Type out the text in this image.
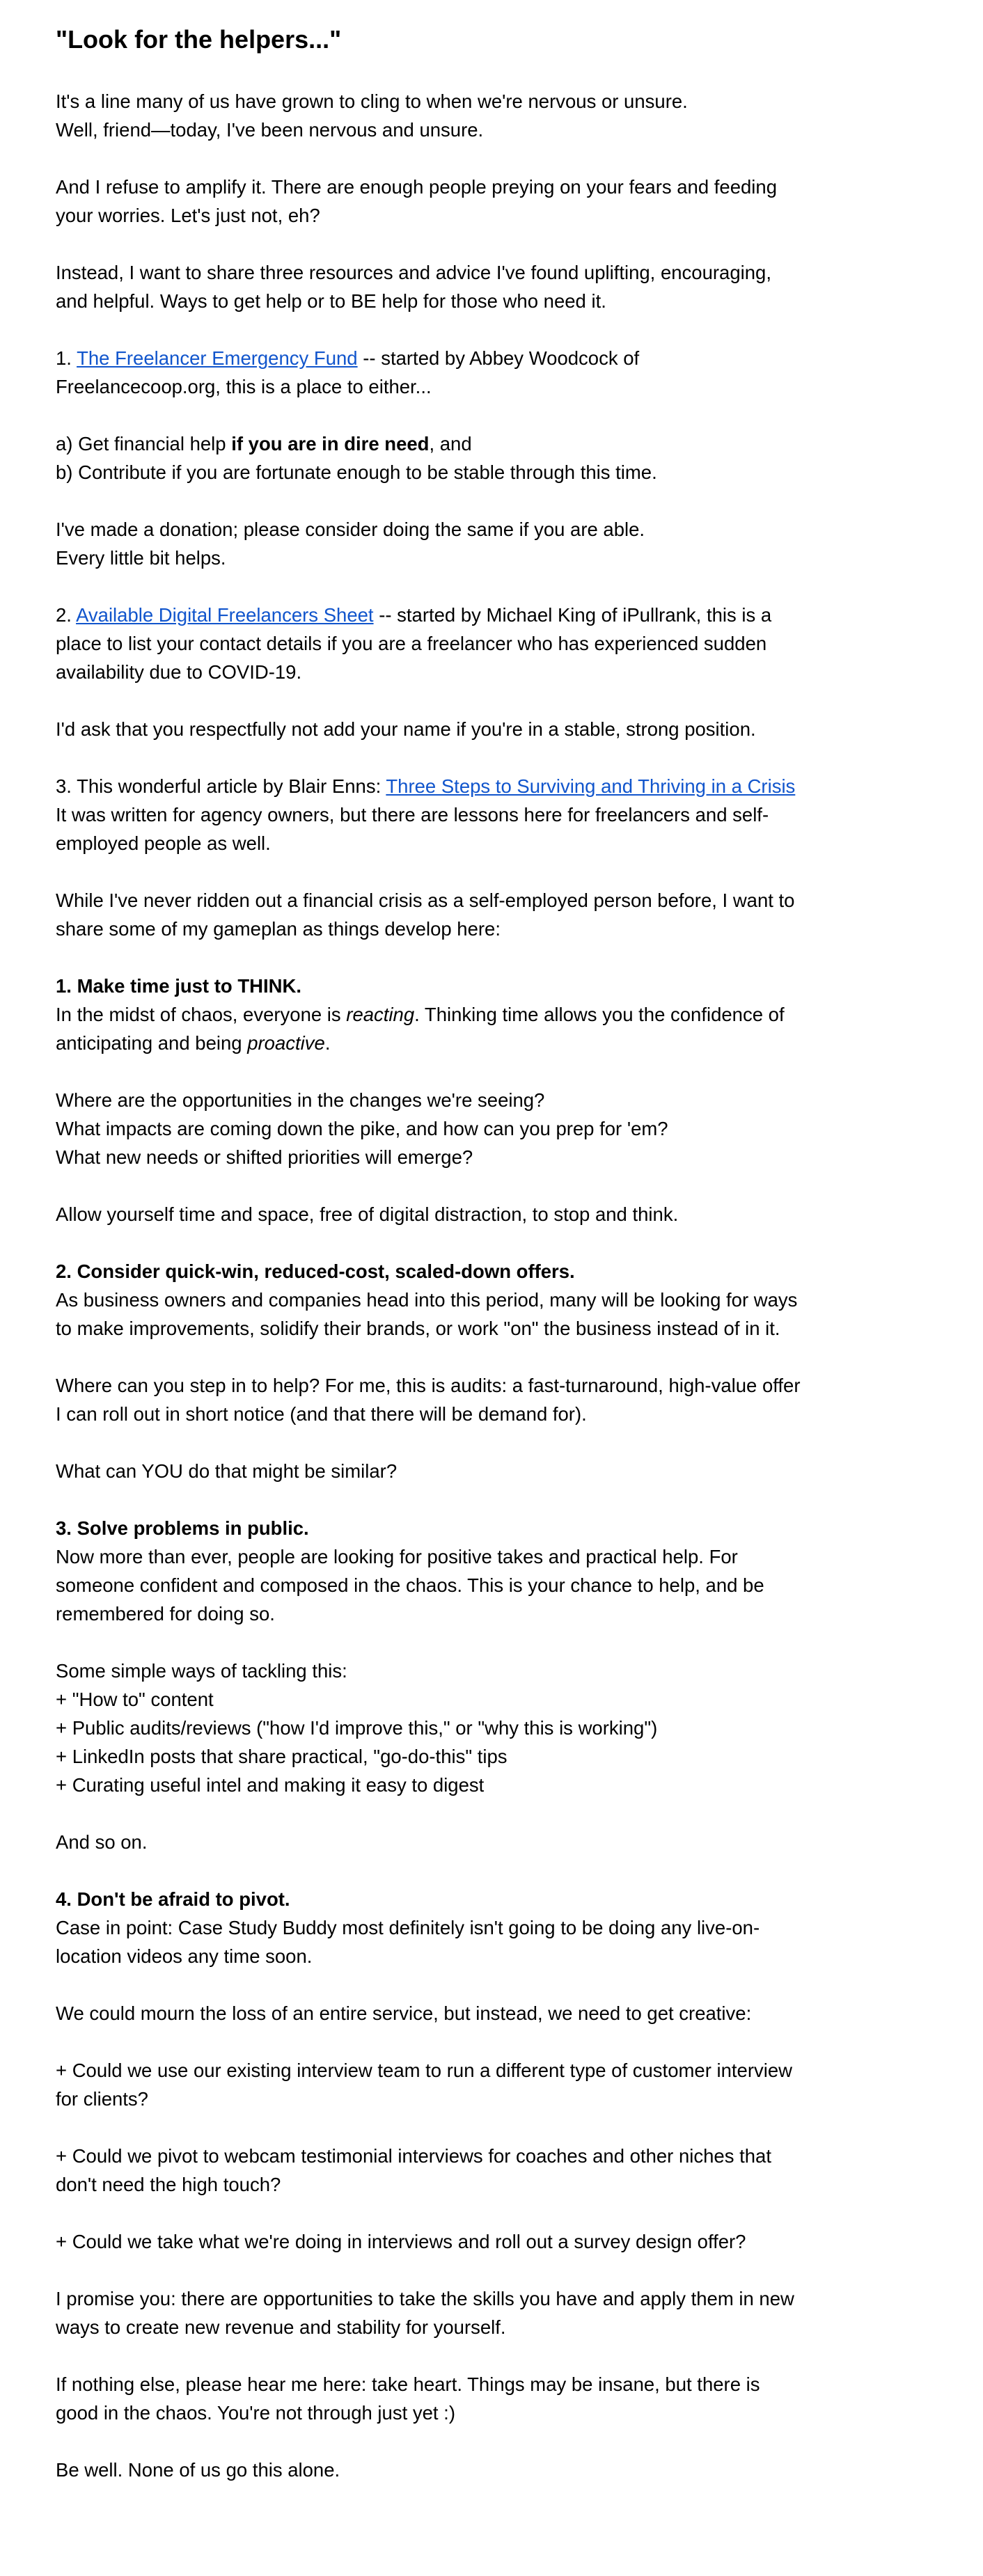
"Look for the helpers..."

It's a line many of us have grown to cling to when we're nervous or unsure.
Well, friend—today, I've been nervous and unsure.

And I refuse to amplify it. There are enough people preying on your fears and feeding your worries. Let's just not, eh?

Instead, I want to share three resources and advice I've found uplifting, encouraging, and helpful. Ways to get help or to BE help for those who need it.

1. The Freelancer Emergency Fund -- started by Abbey Woodcock of Freelancecoop.org, this is a place to either...

a) Get financial help if you are in dire need, and
b) Contribute if you are fortunate enough to be stable through this time.

I've made a donation; please consider doing the same if you are able.
Every little bit helps.

2. Available Digital Freelancers Sheet -- started by Michael King of iPullrank, this is a place to list your contact details if you are a freelancer who has experienced sudden availability due to COVID-19.

I'd ask that you respectfully not add your name if you're in a stable, strong position.

3. This wonderful article by Blair Enns: Three Steps to Surviving and Thriving in a Crisis
It was written for agency owners, but there are lessons here for freelancers and self-employed people as well.

While I've never ridden out a financial crisis as a self-employed person before, I want to share some of my gameplan as things develop here:

1. Make time just to THINK.
In the midst of chaos, everyone is reacting. Thinking time allows you the confidence of anticipating and being proactive.

Where are the opportunities in the changes we're seeing?
What impacts are coming down the pike, and how can you prep for 'em?
What new needs or shifted priorities will emerge?

Allow yourself time and space, free of digital distraction, to stop and think.

2. Consider quick-win, reduced-cost, scaled-down offers.
As business owners and companies head into this period, many will be looking for ways to make improvements, solidify their brands, or work "on" the business instead of in it.

Where can you step in to help? For me, this is audits: a fast-turnaround, high-value offer I can roll out in short notice (and that there will be demand for).

What can YOU do that might be similar?

3. Solve problems in public.
Now more than ever, people are looking for positive takes and practical help. For someone confident and composed in the chaos. This is your chance to help, and be remembered for doing so.

Some simple ways of tackling this:
+ "How to" content
+ Public audits/reviews ("how I'd improve this," or "why this is working")
+ LinkedIn posts that share practical, "go-do-this" tips
+ Curating useful intel and making it easy to digest

And so on.

4. Don't be afraid to pivot.
Case in point: Case Study Buddy most definitely isn't going to be doing any live-on-location videos any time soon.

We could mourn the loss of an entire service, but instead, we need to get creative:

+ Could we use our existing interview team to run a different type of customer interview for clients?

+ Could we pivot to webcam testimonial interviews for coaches and other niches that don't need the high touch?

+ Could we take what we're doing in interviews and roll out a survey design offer?

I promise you: there are opportunities to take the skills you have and apply them in new ways to create new revenue and stability for yourself.

If nothing else, please hear me here: take heart. Things may be insane, but there is good in the chaos. You're not through just yet :)

Be well. None of us go this alone.
